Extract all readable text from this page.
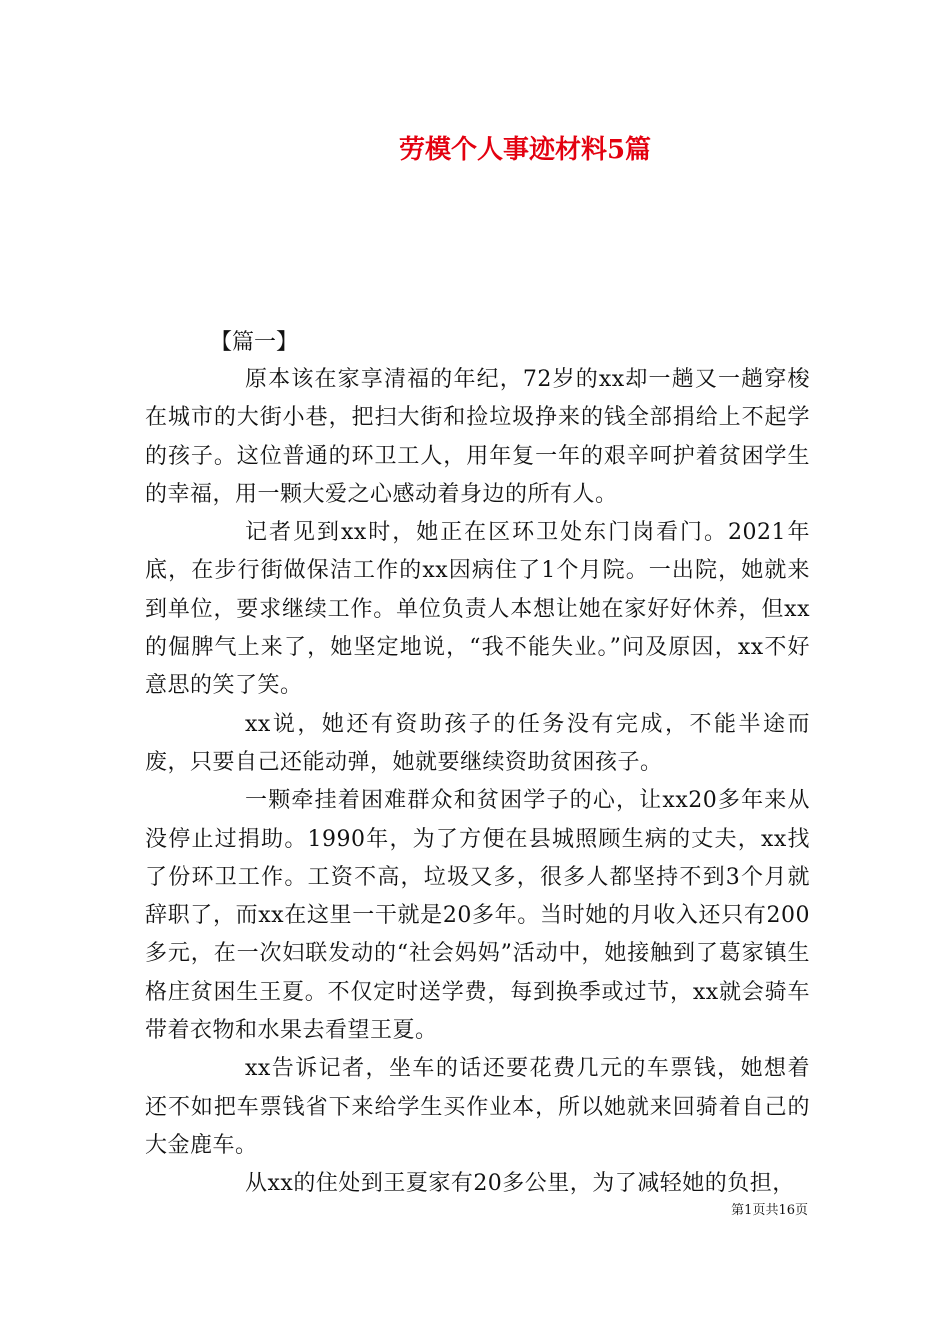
劳模个人事迹材料5篇
【篇一】

原本该在家享清福的年纪，72岁的xx却一趟又一趟穿梭在城市的大街小巷，把扫大街和捡垃圾挣来的钱全部捐给上不起学的孩子。这位普通的环卫工人，用年复一年的艰辛呵护着贫困学生的幸福，用一颗大爱之心感动着身边的所有人。

记者见到xx时，她正在区环卫处东门岗看门。2021年底，在步行街做保洁工作的xx因病住了1个月院。一出院，她就来到单位，要求继续工作。单位负责人本想让她在家好好休养，但xx的倔脾气上来了，她坚定地说，“我不能失业。”问及原因，xx不好意思的笑了笑。

xx说，她还有资助孩子的任务没有完成，不能半途而废，只要自己还能动弹，她就要继续资助贫困孩子。

一颗牵挂着困难群众和贫困学子的心，让xx20多年来从没停止过捐助。1990年，为了方便在县城照顾生病的丈夫，xx找了份环卫工作。工资不高，垃圾又多，很多人都坚持不到3个月就辞职了，而xx在这里一干就是20多年。当时她的月收入还只有200多元，在一次妇联发动的“社会妈妈”活动中，她接触到了葛家镇生格庄贫困生王夏。不仅定时送学费，每到换季或过节，xx就会骑车带着衣物和水果去看望王夏。

xx告诉记者，坐车的话还要花费几元的车票钱，她想着还不如把车票钱省下来给学生买作业本，所以她就来回骑着自己的大金鹿车。

从xx的住处到王夏家有20多公里，为了减轻她的负担，

第1页共16页
